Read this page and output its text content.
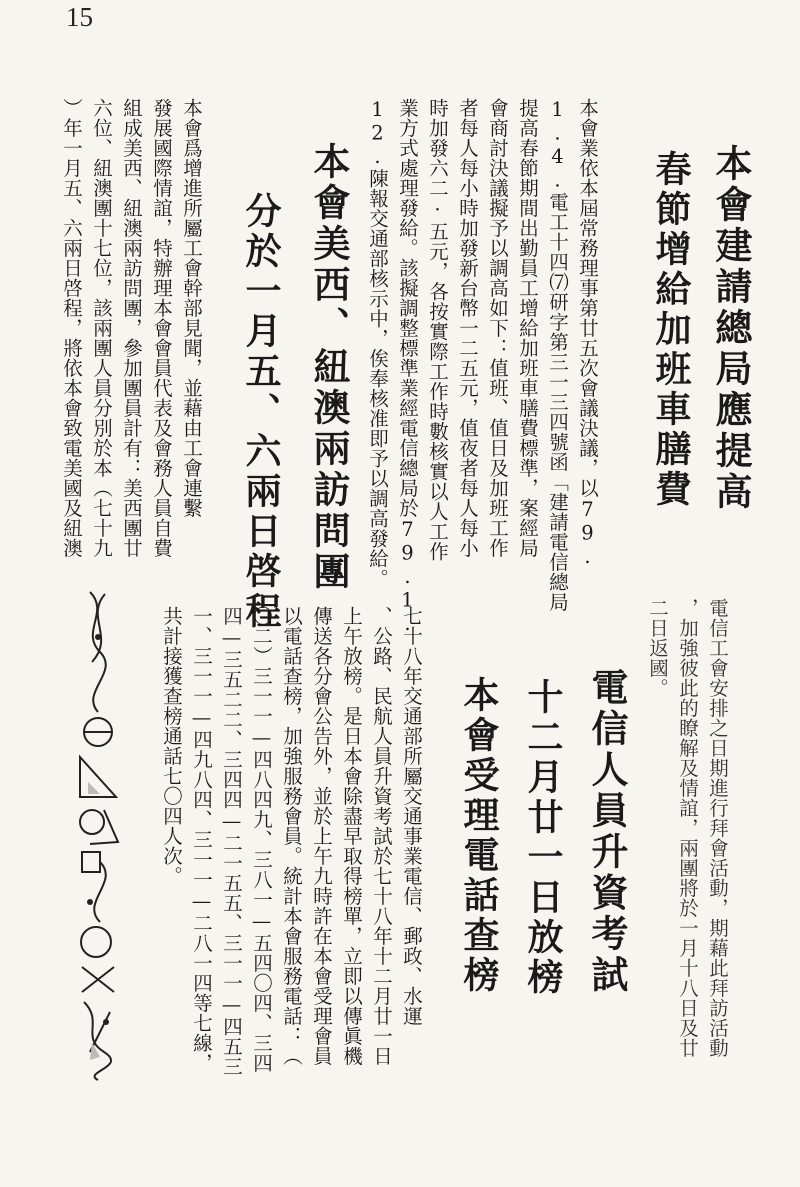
15
本會建請總局應提高
春節增給加班車膳費

本會業依本屆常務理事第廿五次會議決議，以79.
1.4.電工十四⑺研字第三一三四號函「建請電信總局
提高春節期間出勤員工增給加班車膳費標準，案經局
會商討決議擬予以調高如下：值班、值日及加班工作
者每人每小時加發新台幣一二五元，值夜者每人每小
時加發六二·五元，各按實際工作時數核實以人工作
業方式處理發給。該擬調整標準業經電信總局於79.1.
12.陳報交通部核示中，俟奉核准即予以調高發給。

本會美西、紐澳兩訪問團
分於一月五、六兩日啓程

本會爲增進所屬工會幹部見聞，並藉由工會連繫
發展國際情誼，特辦理本會會員代表及會務人員自費
組成美西、紐澳兩訪問團，參加團員計有：美西團廿
六位、紐澳團十七位，該兩團人員分別於本（七十九
）年一月五、六兩日啓程，將依本會致電美國及紐澳

電信工會安排之日期進行拜會活動，期藉此拜訪活動
，加強彼此的瞭解及情誼，兩團將於一月十八日及廿
二日返國。

電信人員升資考試
十二月廿一日放榜
本會受理電話查榜

七十八年交通部所屬交通事業電信、郵政、水運
、公路、民航人員升資考試於七十八年十二月廿一日
上午放榜。是日本會除盡早取得榜單，立即以傳眞機
傳送各分會公告外，並於上午九時許在本會受理會員
以電話查榜，加強服務會員。統計本會服務電話：（
〇二）三一一—四八四九、三八一—五四〇四、三四
四—三五二二、三四四—二一五五、三一一—四五三
一、三一一—四九八四、三一一—二八一四等七線，
共計接獲查榜通話七〇四人次。
